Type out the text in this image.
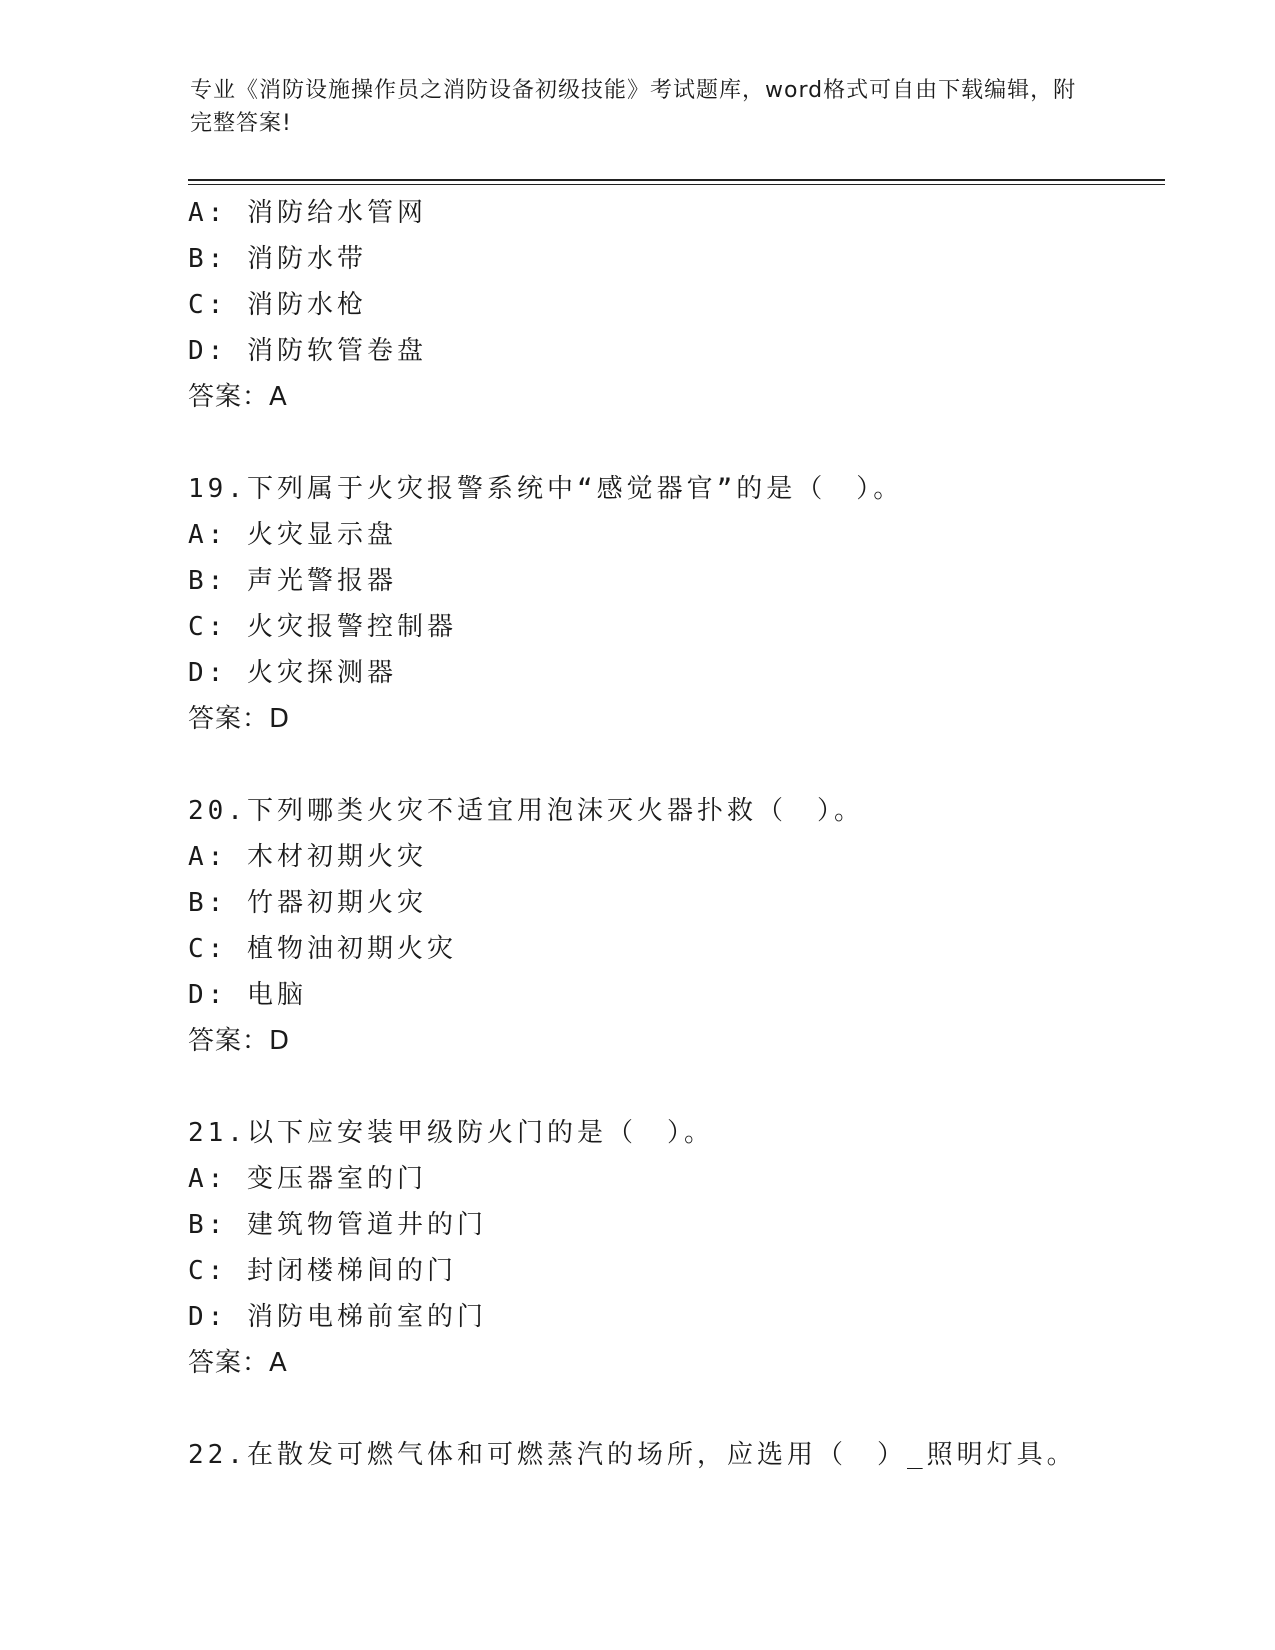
专业《消防设施操作员之消防设备初级技能》考试题库，word格式可自由下载编辑，附完整答案!
A: 消防给水管网
B: 消防水带
C: 消防水枪
D: 消防软管卷盘
答案：A
19.下列属于火灾报警系统中“感觉器官”的是（　）。
A: 火灾显示盘
B: 声光警报器
C: 火灾报警控制器
D: 火灾探测器
答案：D
20.下列哪类火灾不适宜用泡沫灭火器扑救（　）。
A: 木材初期火灾
B: 竹器初期火灾
C: 植物油初期火灾
D: 电脑
答案：D
21.以下应安装甲级防火门的是（　）。
A: 变压器室的门
B: 建筑物管道井的门
C: 封闭楼梯间的门
D: 消防电梯前室的门
答案：A
22.在散发可燃气体和可燃蒸汽的场所，应选用（　）_照明灯具。
